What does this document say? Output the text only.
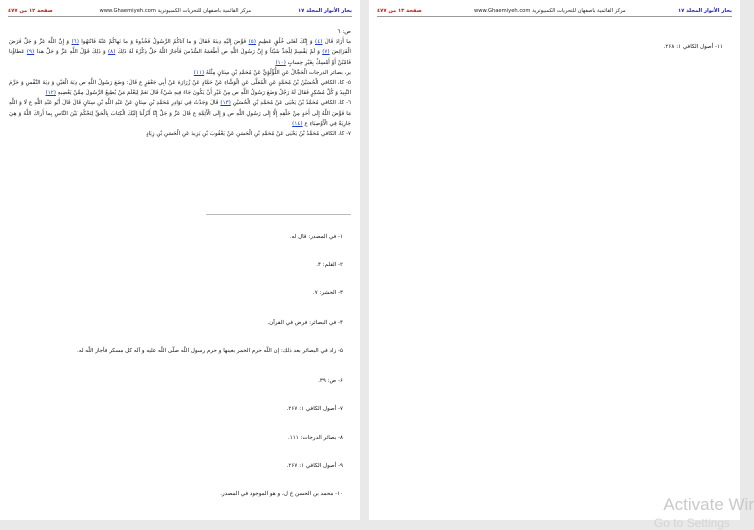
بحار الأنوار المجلد ١٧
مركز القائمية باصفهان للتحريات الكمبيوترية www.Ghaemiyeh.com
صفحة ١٢ من ٤٧٧

ص: ٦

ما أَرَادَ قَالَ (٤) وَ إِنَّكَ لَعَلى خُلُقٍ عَظِيمٍ (٥) فَوَّضَ إِلَيْهِ دِينَهُ فَقَالَ وَ ما آتاكُمُ الرَّسُولُ فَخُذُوهُ وَ ما نَهاكُمْ عَنْهُ فَانْتَهُوا (٦) وَ إِنَّ اللَّهَ عَزَّ وَ جَلَّ فَرَضَ الْفَرَائِضَ (٧) وَ لَمْ يَقْسِمْ لِلْجَدِّ شَيْئاً وَ إِنَّ رَسُولَ اللَّهِ ص أَطْعَمَهُ السُّدُسَ فَأَجَازَ اللَّهُ جَلَّ ذِكْرُهُ لَهُ ذَلِكَ (٨) وَ ذَلِكَ قَوْلُ اللَّهِ عَزَّ وَ جَلَّ هذا (٩) عَطاؤُنا فَامْنُنْ أَوْ أَمْسِكْ بِغَيْرِ حِسابٍ (١٠)

ير، بصائر الدرجات الْحَجَّالُ عَنِ اللُّؤْلُؤِيِّ عَنْ مُحَمَّدِ بْنِ سِنَانٍ مِثْلَهُ (١١)

٥- كا، الكافي الْحُسَيْنُ بْنُ مُحَمَّدٍ عَنِ الْمُعَلَّى عَنِ الْوَشَّاءِ عَنْ حَمَّادٍ عَنْ زُرَارَةَ عَنْ أَبِي جَعْفَرٍ ع قَالَ: وَضَعَ رَسُولُ اللَّهِ ص دِيَةَ الْعَيْنِ وَ دِيَةَ النَّفْسِ وَ حَرَّمَ النَّبِيذَ وَ كُلَّ مُسْكِرٍ فَقَالَ لَهُ رَجُلٌ وَضَعَ رَسُولُ اللَّهِ ص مِنْ غَيْرِ أَنْ يَكُونَ جَاءَ فِيهِ شَيْءٌ قَالَ نَعَمْ لِيَعْلَمَ مَنْ يُطِيعُ الرَّسُولَ مِمَّنْ يَعْصِيهِ (١٢)

٦- كا، الكافي مُحَمَّدُ بْنُ يَحْيَى عَنْ مُحَمَّدِ بْنِ الْحُسَيْنِ (١٣) قَالَ وَجَدْتُ فِي نَوَادِرِ مُحَمَّدِ بْنِ سِنَانٍ عَنْ عَبْدِ اللَّهِ بْنِ سِنَانٍ قَالَ قَالَ أَبُو عَبْدِ اللَّهِ ع لَا وَ اللَّهِ مَا فَوَّضَ اللَّهُ إِلَى أَحَدٍ مِنْ خَلْقِهِ إِلَّا إِلَى رَسُولِ اللَّهِ ص وَ إِلَى الْأَئِمَّةِ ع قَالَ عَزَّ وَ جَلَّ إِنَّا أَنْزَلْنا إِلَيْكَ الْكِتابَ بِالْحَقِّ لِتَحْكُمَ بَيْنَ النَّاسِ بِما أَراكَ اللَّهُ وَ هِيَ جَارِيَةٌ فِي الْأَوْصِيَاءِ ع (١٤)

٧- كا، الكافي مُحَمَّدُ بْنُ يَحْيَى عَنْ مُحَمَّدِ بْنِ الْحَسَنِ عَنْ يَعْقُوبَ بْنِ يَزِيدَ عَنِ الْحَسَنِ بْنِ زِيَادٍ

١- في المصدر: قال له.
٢- القلم: ۴.
٣- الحشر: ٧.
۴- في البصائر: فرض في القرآن.
۵- زاد في البصائر بعد ذلك: إن اللّه حرم الخمر بعينها و حرم رسول اللّه صلّى اللّه عليه و آله كل مسكر فأجاز اللّه له.
۶- ص: ٣٩.
٧- أصول الكافي ١: ٢۶٧.
٨- بصائر الدرجات: ١١١.
٩- أصول الكافي ١: ٢۶٧.
١٠- محمد بن الحسن خ ل، و هو الموجود في المصدر.
بحار الأنوار المجلد ١٧
مركز القائمية باصفهان للتحريات الكمبيوترية www.Ghaemiyeh.com
صفحة ١٣ من ٤٧٧
١١- أصول الكافي ١: ٢۶٨.
Activate Wir
Go to Settings
